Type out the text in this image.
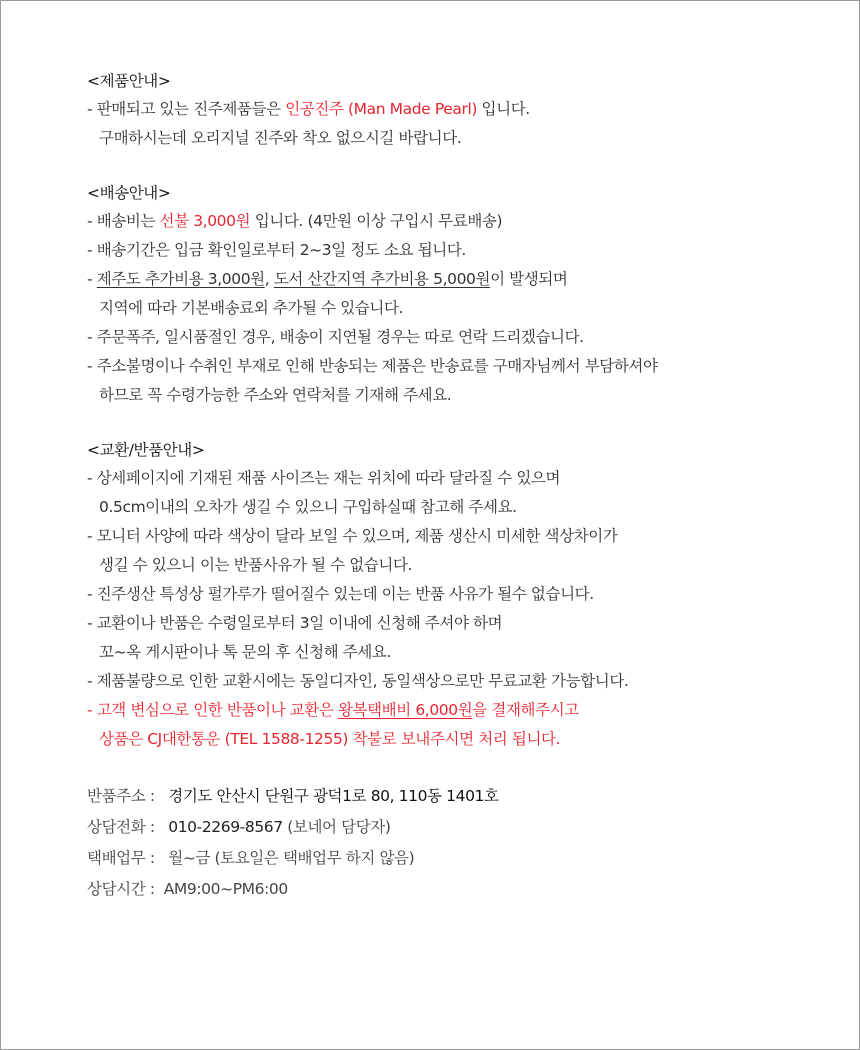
<제품안내>
- 판매되고 있는 진주제품들은 인공진주 (Man Made Pearl) 입니다.
구매하시는데 오리지널 진주와 착오 없으시길 바랍니다.
<배송안내>
- 배송비는 선불 3,000원 입니다. (4만원 이상 구입시 무료배송)
- 배송기간은 입금 확인일로부터 2~3일 정도 소요 됩니다.
- 제주도 추가비용 3,000원, 도서 산간지역 추가비용 5,000원이 발생되며
지역에 따라 기본배송료외 추가될 수 있습니다.
- 주문폭주, 일시품절인 경우, 배송이 지연될 경우는 따로 연락 드리겠습니다.
- 주소불명이나 수취인 부재로 인해 반송되는 제품은 반송료를 구매자님께서 부담하셔야
하므로 꼭 수령가능한 주소와 연락처를 기재해 주세요.
<교환/반품안내>
- 상세페이지에 기재된 재품 사이즈는 재는 위치에 따라 달라질 수 있으며
0.5cm이내의 오차가 생길 수 있으니 구입하실때 참고해 주세요.
- 모니터 사양에 따라 색상이 달라 보일 수 있으며, 제품 생산시 미세한 색상차이가
생길 수 있으니 이는 반품사유가 될 수 없습니다.
- 진주생산 특성상 펄가루가 떨어질수 있는데 이는 반품 사유가 될수 없습니다.
- 교환이나 반품은 수령일로부터 3일 이내에 신청해 주셔야 하며
꼬~옥 게시판이나 톡 문의 후 신청해 주세요.
- 제품불량으로 인한 교환시에는 동일디자인, 동일색상으로만 무료교환 가능합니다.
- 고객 변심으로 인한 반품이나 교환은 왕복택배비 6,000원을 결재해주시고
상품은 CJ대한통운 (TEL 1588-1255) 착불로 보내주시면 처리 됩니다.
반품주소 : 경기도 안산시 단원구 광덕1로 80, 110동 1401호
상담전화 : 010-2269-8567 (보네어 담당자)
택배업무 : 월~금 (토요일은 택배업무 하지 않음)
상담시간 : AM9:00~PM6:00
